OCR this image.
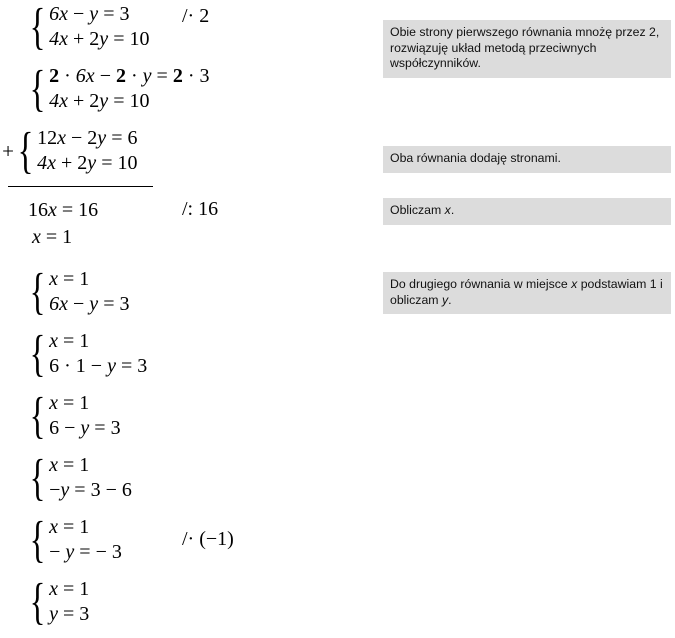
{ 6x − y = 3
4x + 2y = 10
/· 2
{ 2 · 6x − 2 · y = 2 · 3
4x + 2y = 10
+ { 12x − 2y = 6
4x + 2y = 10
16x = 16	/: 16
x = 1
{ x = 1
6x − y = 3
{ x = 1
6 · 1 − y = 3
{ x = 1
6 − y = 3
{ x = 1
−y = 3 − 6
{ x = 1
− y = − 3
/· (−1)
{ x = 1
y = 3
Obie strony pierwszego równania mnożę przez 2, rozwiązuję układ metodą przeciwnych współczynników.
Oba równania dodaję stronami.
Obliczam x.
Do drugiego równania w miejsce x podstawiam 1 i obliczam y.
